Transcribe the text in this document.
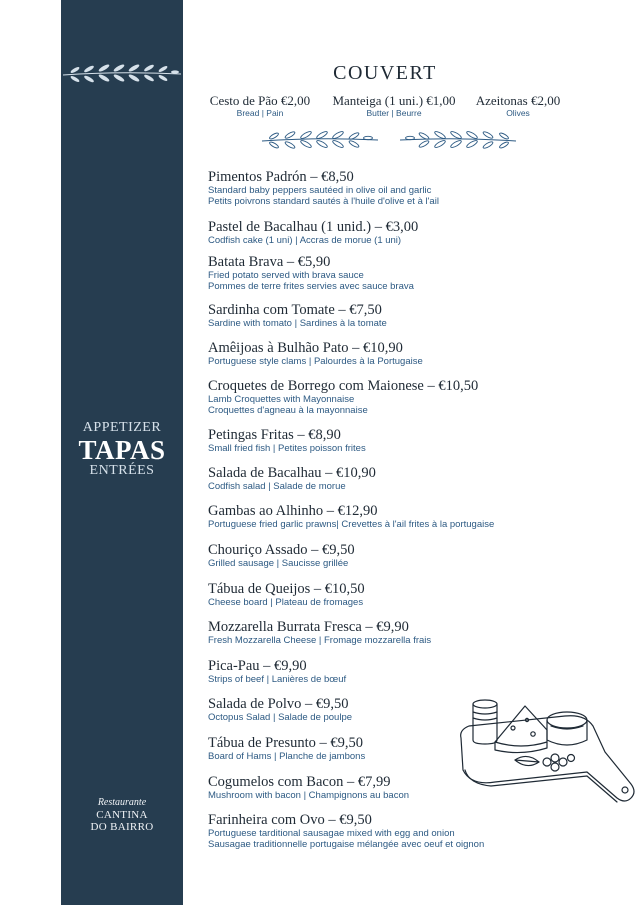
APPETIZER
TAPAS
ENTRÉES
Restaurante
CANTINA
DO BAIRRO
COUVERT
Cesto de Pão €2,00
Bread | Pain
Manteiga (1 uni.) €1,00
Butter | Beurre
Azeitonas €2,00
Olives
Pimentos Padrón – €8,50
Standard baby peppers sautéed in olive oil and garlic
Petits poivrons standard sautés à l'huile d'olive et à l'ail
Pastel de Bacalhau (1 unid.) – €3,00
Codfish cake (1 uni) | Accras de morue (1 uni)
Batata Brava – €5,90
Fried potato served with brava sauce
Pommes de terre frites servies avec sauce brava
Sardinha com Tomate – €7,50
Sardine with tomato | Sardines à la tomate
Amêijoas à Bulhão Pato – €10,90
Portuguese style clams | Palourdes à la Portugaise
Croquetes de Borrego com Maionese – €10,50
Lamb Croquettes with Mayonnaise
Croquettes d'agneau à la mayonnaise
Petingas Fritas – €8,90
Small fried fish | Petites poisson frites
Salada de Bacalhau – €10,90
Codfish salad | Salade de morue
Gambas ao Alhinho – €12,90
Portuguese fried garlic prawns| Crevettes à l'ail frites à la portugaise
Chouriço Assado – €9,50
Grilled sausage | Saucisse grillée
Tábua de Queijos – €10,50
Cheese board | Plateau de fromages
Mozzarella Burrata Fresca – €9,90
Fresh Mozzarella Cheese | Fromage mozzarella frais
Pica-Pau – €9,90
Strips of beef | Lanières de bœuf
Salada de Polvo – €9,50
Octopus Salad | Salade de poulpe
Tábua de Presunto – €9,50
Board of Hams | Planche de jambons
Cogumelos com Bacon – €7,99
Mushroom with bacon | Champignons au bacon
Farinheira com Ovo – €9,50
Portuguese tarditional sausagae mixed with egg and onion
Sausagae traditionnelle portugaise mélangée avec oeuf et oignon
